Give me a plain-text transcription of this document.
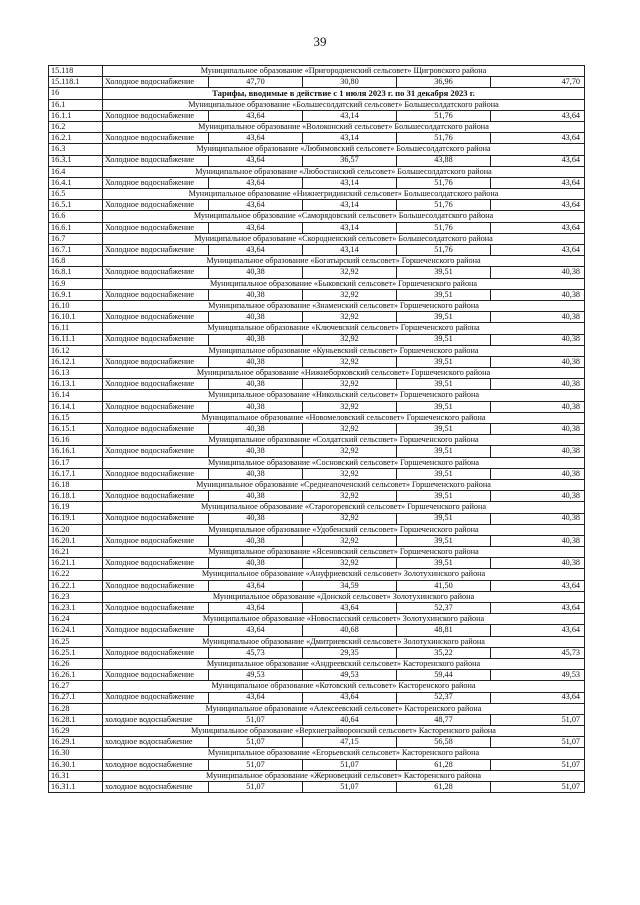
39
15.118	Муниципальное образование «Пригородненский сельсовет» Щигровского района				
15.118.1	Холодное водоснабжение	47,70	30,80	36,96	47,70
16	Тарифы, вводимые в действие с 1 июля 2023 г. по 31 декабря 2023 г.				
16.1	Муниципальное образование «Большесолдатский сельсовет» Большесолдатского района				
16.1.1	Холодное водоснабжение	43,64	43,14	51,76	43,64
16.2	Муниципальное образование «Волоконский сельсовет» Большесолдатского района				
16.2.1	Холодное водоснабжение	43,64	43,14	51,76	43,64
16.3	Муниципальное образование «Любимовский сельсовет» Большесолдатского района				
16.3.1	Холодное водоснабжение	43,64	36,57	43,88	43,64
16.4	Муниципальное образование «Любостанский сельсовет» Большесолдатского района				
16.4.1	Холодное водоснабжение	43,64	43,14	51,76	43,64
16.5	Муниципальное образование «Нижнегридинский сельсовет» Большесолдатского района				
16.5.1	Холодное водоснабжение	43,64	43,14	51,76	43,64
16.6	Муниципальное образование «Саморядовский сельсовет» Большесолдатского района				
16.6.1	Холодное водоснабжение	43,64	43,14	51,76	43,64
16.7	Муниципальное образование «Скородненский сельсовет» Большесолдатского района				
16.7.1	Холодное водоснабжение	43,64	43,14	51,76	43,64
16.8	Муниципальное образование «Богатырский сельсовет» Горшеченского района				
16.8.1	Холодное водоснабжение	40,38	32,92	39,51	40,38
16.9	Муниципальное образование «Быковский сельсовет» Горшеченского района				
16.9.1	Холодное водоснабжение	40,38	32,92	39,51	40,38
16.10	Муниципальное образование «Знаменский сельсовет» Горшеченского района				
16.10.1	Холодное водоснабжение	40,38	32,92	39,51	40,38
16.11	Муниципальное образование «Ключевский сельсовет» Горшеченского района				
16.11.1	Холодное водоснабжение	40,38	32,92	39,51	40,38
16.12	Муниципальное образование «Куньевский сельсовет» Горшеченского района				
16.12.1	Холодное водоснабжение	40,38	32,92	39,51	40,38
16.13	Муниципальное образование «Нижнеборковский сельсовет» Горшеченского района				
16.13.1	Холодное водоснабжение	40,38	32,92	39,51	40,38
16.14	Муниципальное образование «Никольский сельсовет» Горшеченского района				
16.14.1	Холодное водоснабжение	40,38	32,92	39,51	40,38
16.15	Муниципальное образование «Новомеловский сельсовет» Горшеченского района				
16.15.1	Холодное водоснабжение	40,38	32,92	39,51	40,38
16.16	Муниципальное образование «Солдатский сельсовет» Горшеченского района				
16.16.1	Холодное водоснабжение	40,38	32,92	39,51	40,38
16.17	Муниципальное образование «Сосновский сельсовет» Горшеченского района				
16.17.1	Холодное водоснабжение	40,38	32,92	39,51	40,38
16.18	Муниципальное образование «Среднеапоченский сельсовет» Горшеченского района				
16.18.1	Холодное водоснабжение	40,38	32,92	39,51	40,38
16.19	Муниципальное образование «Старогоревский сельсовет» Горшеченского района				
16.19.1	Холодное водоснабжение	40,38	32,92	39,51	40,38
16.20	Муниципальное образование «Удобенский сельсовет» Горшеченского района				
16.20.1	Холодное водоснабжение	40,38	32,92	39,51	40,38
16.21	Муниципальное образование «Ясеновский сельсовет» Горшеченского района				
16.21.1	Холодное водоснабжение	40,38	32,92	39,51	40,38
16.22	Муниципальное образование «Ануфриевский сельсовет» Золотухинского района				
16.22.1	Холодное водоснабжение	43,64	34,59	41,50	43,64
16.23	Муниципальное образование «Донской сельсовет» Золотухинского района				
16.23.1	Холодное водоснабжение	43,64	43,64	52,37	43,64
16.24	Муниципальное образование «Новоспасский сельсовет» Золотухинского района				
16.24.1	Холодное водоснабжение	43,64	40,68	48,81	43,64
16.25	Муниципальное образование «Дмитриевский сельсовет» Золотухинского района				
16.25.1	Холодное водоснабжение	45,73	29,35	35,22	45,73
16.26	Муниципальное образование «Андреевский сельсовет» Касторенского района				
16.26.1	Холодное водоснабжение	49,53	49,53	59,44	49,53
16.27	Муниципальное образование «Котовский сельсовет» Касторенского района				
16.27.1	Холодное водоснабжение	43,64	43,64	52,37	43,64
16.28	Муниципальное образование «Алексеевский сельсовет» Касторенского района				
16.28.1	холодное водоснабжение	51,07	40,64	48,77	51,07
16.29	Муниципальное образование «Верхнеграйворонский сельсовет» Касторенского района				
16.29.1	холодное водоснабжение	51,07	47,15	56,58	51,07
16.30	Муниципальное образование «Егорьевский сельсовет» Касторенского района				
16.30.1	холодное водоснабжение	51,07	51,07	61,28	51,07
16.31	Муниципальное образование «Жерновецкий сельсовет» Касторенского района				
16.31.1	холодное водоснабжение	51,07	51,07	61,28	51,07
